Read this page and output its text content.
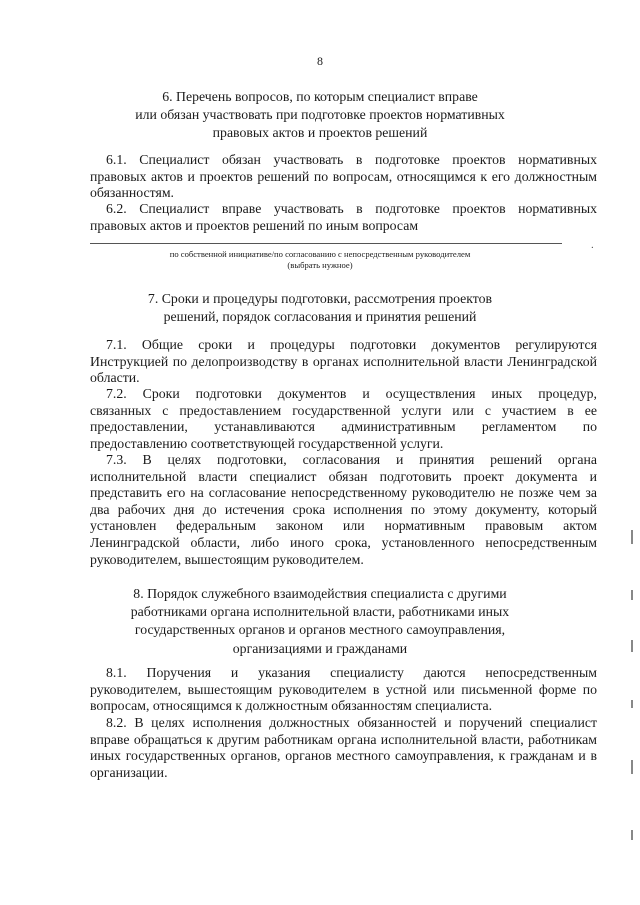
8
6. Перечень вопросов, по которым специалист вправе
или обязан участвовать при подготовке проектов нормативных
правовых актов и проектов решений
6.1. Специалист обязан участвовать в подготовке проектов нормативных
правовых актов и проектов решений по вопросам, относящимся к его должностным
обязанностям.
6.2. Специалист вправе участвовать в подготовке проектов нормативных
правовых актов и проектов решений по иным вопросам
.
по собственной инициативе/по согласованию с непосредственным руководителем
(выбрать нужное)
7. Сроки и процедуры подготовки, рассмотрения проектов
решений, порядок согласования и принятия решений
7.1. Общие сроки и процедуры подготовки документов регулируются
Инструкцией по делопроизводству в органах исполнительной власти Ленинградской
области.
7.2. Сроки подготовки документов и осуществления иных процедур,
связанных с предоставлением государственной услуги или с участием в ее
предоставлении, устанавливаются административным регламентом по
предоставлению соответствующей государственной услуги.
7.3. В целях подготовки, согласования и принятия решений органа
исполнительной власти специалист обязан подготовить проект документа и
представить его на согласование непосредственному руководителю не позже чем за
два рабочих дня до истечения срока исполнения по этому документу, который
установлен федеральным законом или нормативным правовым актом
Ленинградской области, либо иного срока, установленного непосредственным
руководителем, вышестоящим руководителем.
8. Порядок служебного взаимодействия специалиста с другими
работниками органа исполнительной власти, работниками иных
государственных органов и органов местного самоуправления,
организациями и гражданами
8.1. Поручения и указания специалисту даются непосредственным
руководителем, вышестоящим руководителем в устной или письменной форме по
вопросам, относящимся к должностным обязанностям специалиста.
8.2. В целях исполнения должностных обязанностей и поручений специалист
вправе обращаться к другим работникам органа исполнительной власти, работникам
иных государственных органов, органов местного самоуправления, к гражданам и в
организации.
